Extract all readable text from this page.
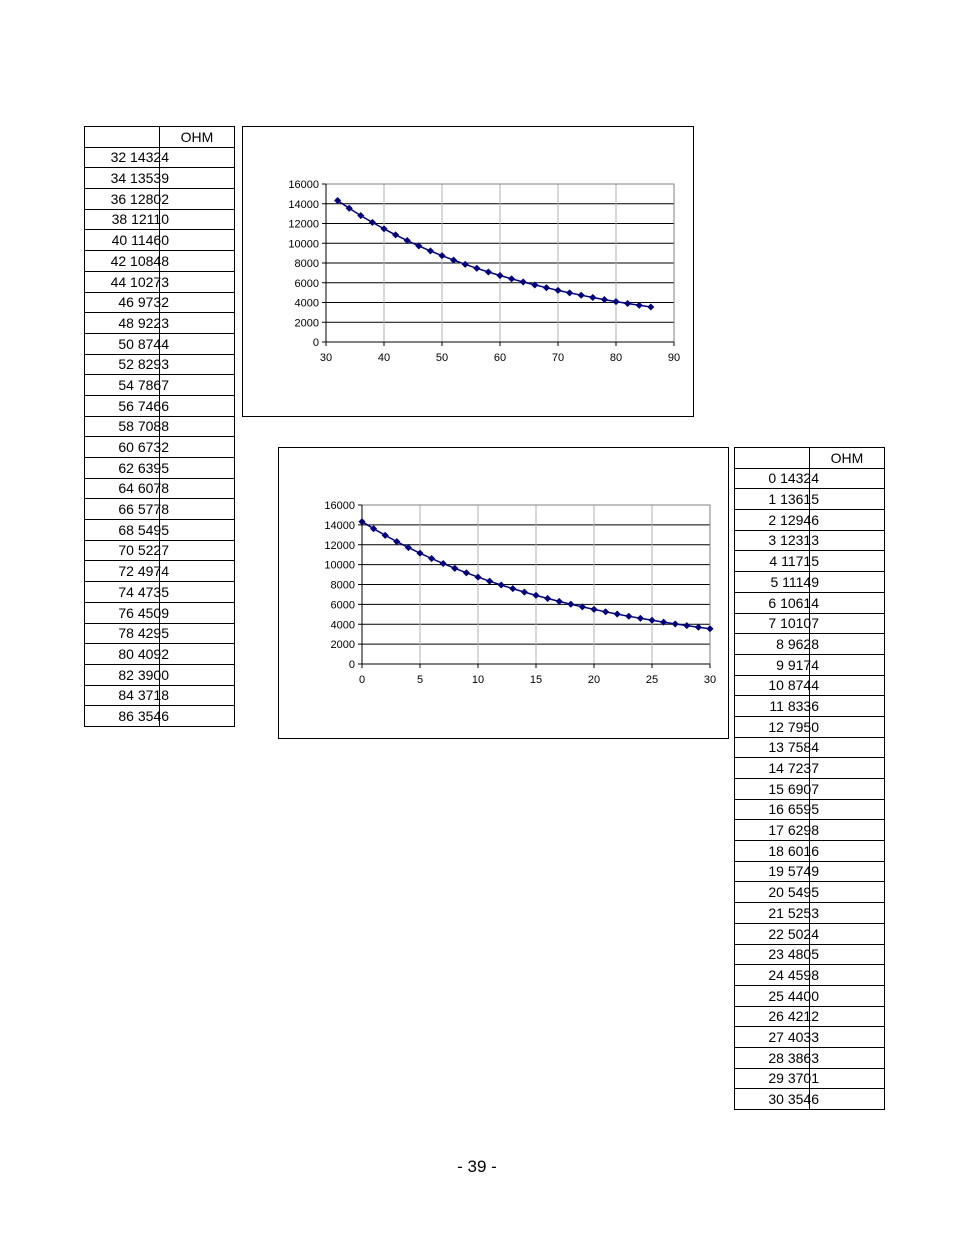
	OHM

32 14324	

34 13539	

36 12802	

38 12110	

40 11460	

42 10848	

44 10273	

46 9732	

48 9223	

50 8744	

52 8293	

54 7867	

56 7466	

58 7088	

60 6732	

62 6395	

64 6078	

66 5778	

68 5495	

70 5227	

72 4974	

74 4735	

76 4509	

78 4295	

80 4092	

82 3900	

84 3718	

86 3546	

0
2000
4000
6000
8000
10000
12000
14000
16000
30	40	50	60	70	80	90
0
2000
4000
6000
8000
10000
12000
14000
16000
0	5	10	15	20	25	30
	OHM

0 14324	

1 13615	

2 12946	

3 12313	

4 11715	

5 11149	

6 10614	

7 10107	

8 9628	

9 9174	

10 8744	

11 8336	

12 7950	

13 7584	

14 7237	

15 6907	

16 6595	

17 6298	

18 6016	

19 5749	

20 5495	

21 5253	

22 5024	

23 4805	

24 4598	

25 4400	

26 4212	

27 4033	

28 3863	

29 3701	

30 3546	

- 39 -
